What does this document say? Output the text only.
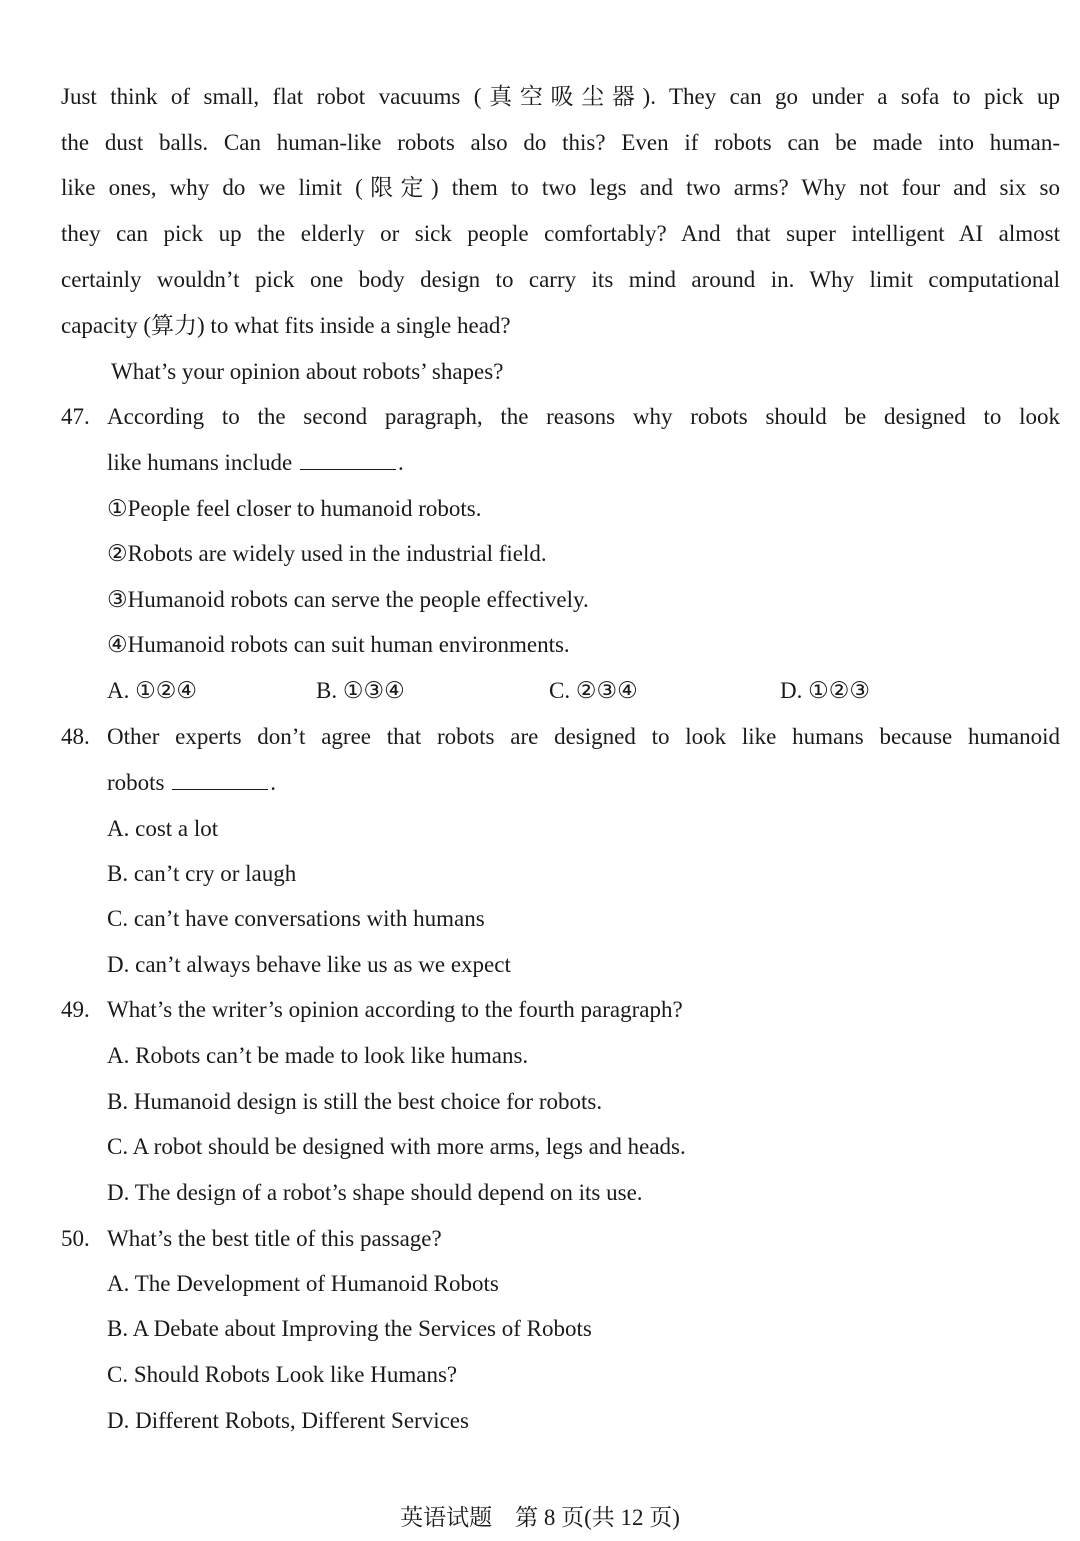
Just think of small, flat robot vacuums (真空吸尘器). They can go under a sofa to pick up
the dust balls. Can human-like robots also do this? Even if robots can be made into human-
like ones, why do we limit (限定) them to two legs and two arms? Why not four and six so
they can pick up the elderly or sick people comfortably? And that super intelligent AI almost
certainly wouldn’t pick one body design to carry its mind around in. Why limit computational
capacity (算力) to what fits inside a single head?
What’s your opinion about robots’ shapes?
47. According to the second paragraph, the reasons why robots should be designed to look
like humans include	.
①People feel closer to humanoid robots.
②Robots are widely used in the industrial field.
③Humanoid robots can serve the people effectively.
④Humanoid robots can suit human environments.
A. ①②④	B. ①③④	C. ②③④	D. ①②③
48. Other experts don’t agree that robots are designed to look like humans because humanoid
robots	.
A. cost a lot
B. can’t cry or laugh
C. can’t have conversations with humans
D. can’t always behave like us as we expect
49. What’s the writer’s opinion according to the fourth paragraph?
A. Robots can’t be made to look like humans.
B. Humanoid design is still the best choice for robots.
C. A robot should be designed with more arms, legs and heads.
D. The design of a robot’s shape should depend on its use.
50. What’s the best title of this passage?
A. The Development of Humanoid Robots
B. A Debate about Improving the Services of Robots
C. Should Robots Look like Humans?
D. Different Robots, Different Services
英语试题　第 8 页(共 12 页)
